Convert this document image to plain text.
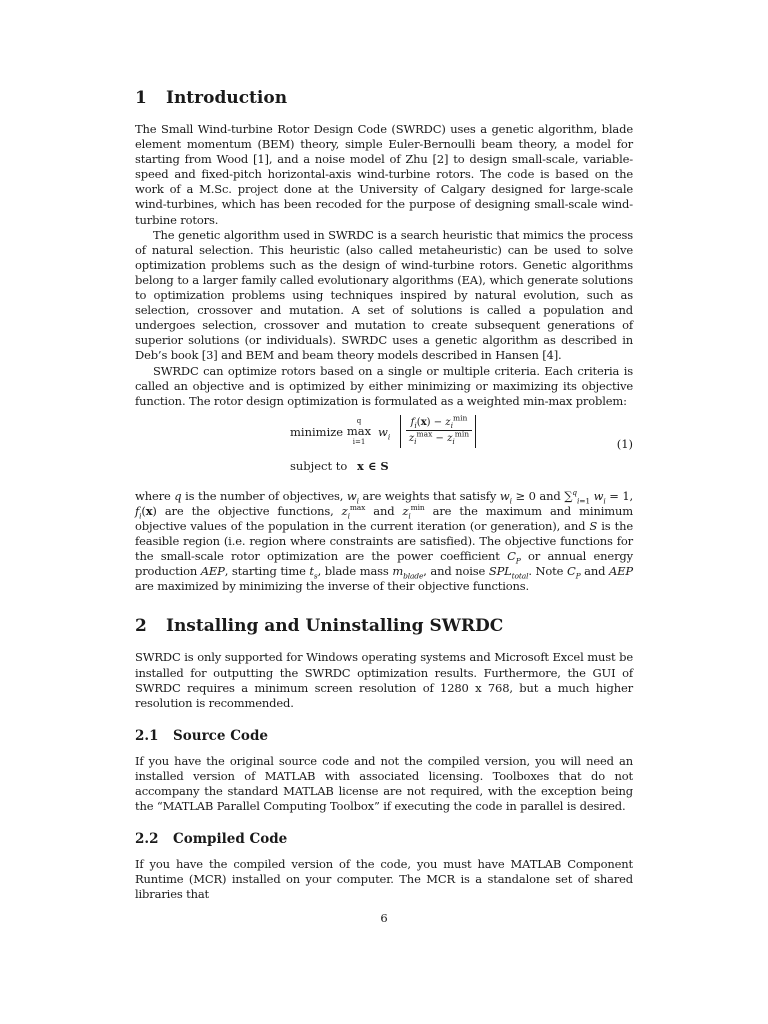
1	Introduction

The Small Wind-turbine Rotor Design Code (SWRDC) uses a genetic algorithm, blade element momentum (BEM) theory, simple Euler-Bernoulli beam theory, a model for starting from Wood [1], and a noise model of Zhu [2] to design small-scale, variable-speed and fixed-pitch horizontal-axis wind-turbine rotors. The code is based on the work of a M.Sc. project done at the University of Calgary designed for large-scale wind-turbines, which has been recoded for the purpose of designing small-scale wind-turbine rotors.

The genetic algorithm used in SWRDC is a search heuristic that mimics the process of natural selection. This heuristic (also called metaheuristic) can be used to solve optimization problems such as the design of wind-turbine rotors. Genetic algorithms belong to a larger family called evolutionary algorithms (EA), which generate solutions to optimization problems using techniques inspired by natural evolution, such as selection, crossover and mutation. A set of solutions is called a population and undergoes selection, crossover and mutation to create subsequent generations of superior solutions (or individuals). SWRDC uses a genetic algorithm as described in Deb’s book [3] and BEM and beam theory models described in Hansen [4].

SWRDC can optimize rotors based on a single or multiple criteria. Each criteria is called an objective and is optimized by either minimizing or maximizing its objective function. The rotor design optimization is formulated as a weighted min-max problem:

minimize
q
max
i=1
$w_i$
$f_i(x) - z_i^{min}$
$z_i^{max} - z_i^{min}$
subject to x ∈ S
(1)

where q is the number of objectives, $w_i$ are weights that satisfy $w_i \ge 0$ and ∑$^q_{i=1}$ $w_i = 1$, $f_i(x)$ are the objective functions, $z_i^{max}$ and $z_i^{min}$ are the maximum and minimum objective values of the population in the current iteration (or generation), and S is the feasible region (i.e. region where constraints are satisfied). The objective functions for the small-scale rotor optimization are the power coefficient $C_P$ or annual energy production AEP, starting time $t_s$, blade mass $m_{blade}$, and noise $SPL_{total}$. Note $C_P$ and AEP are maximized by minimizing the inverse of their objective functions.

2	Installing and Uninstalling SWRDC

SWRDC is only supported for Windows operating systems and Microsoft Excel must be installed for outputting the SWRDC optimization results. Furthermore, the GUI of SWRDC requires a minimum screen resolution of 1280 x 768, but a much higher resolution is recommended.

2.1	Source Code

If you have the original source code and not the compiled version, you will need an installed version of MATLAB with associated licensing. Toolboxes that do not accompany the standard MATLAB license are not required, with the exception being the “MATLAB Parallel Computing Toolbox” if executing the code in parallel is desired.

2.2	Compiled Code

If you have the compiled version of the code, you must have MATLAB Component Runtime (MCR) installed on your computer. The MCR is a standalone set of shared libraries that

6
